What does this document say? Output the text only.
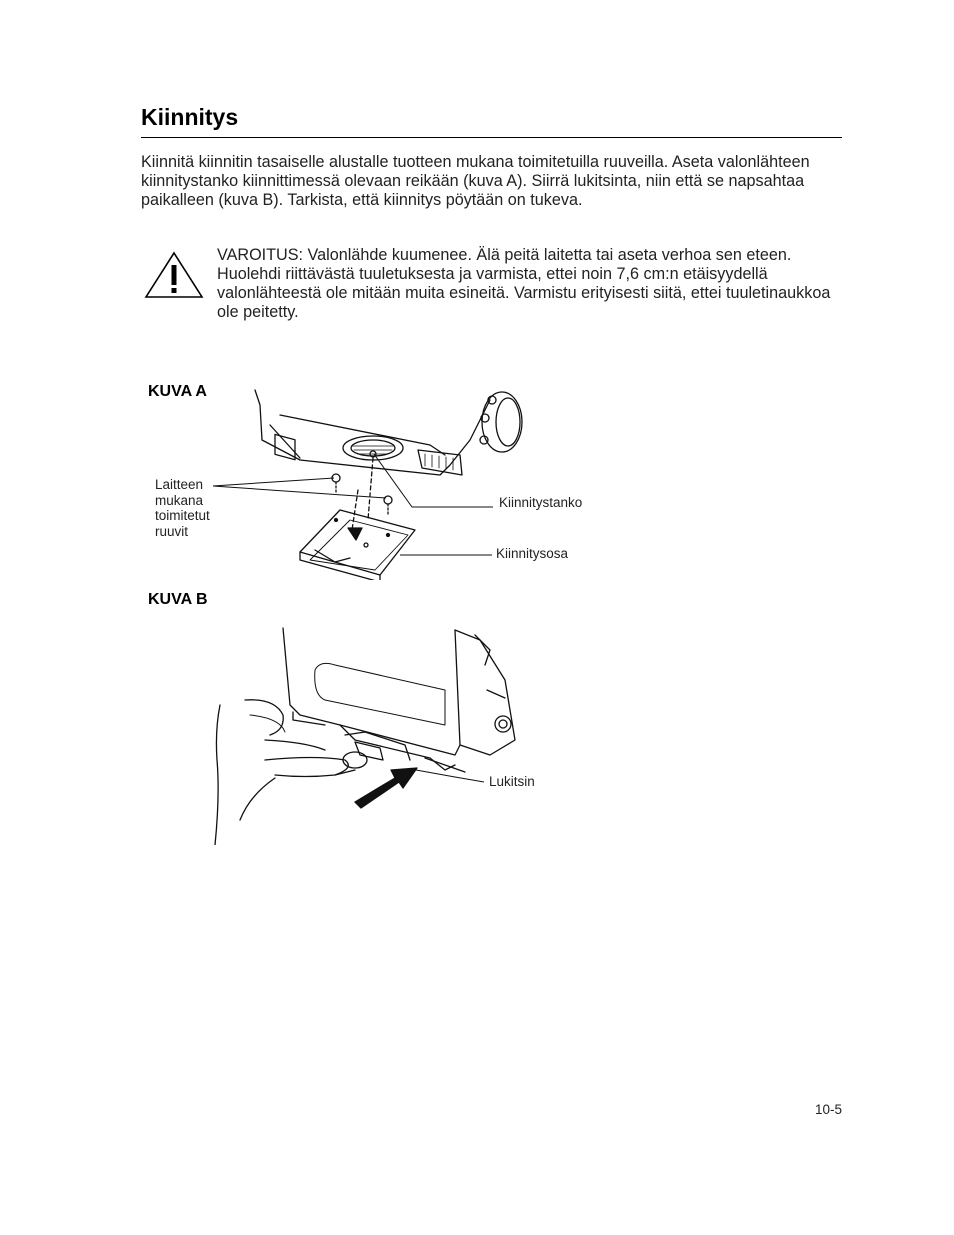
Kiinnitys

Kiinnitä kiinnitin tasaiselle alustalle tuotteen mukana toimitetuilla ruuveilla. Aseta valonlähteen kiinnitystanko kiinnittimessä olevaan reikään (kuva A). Siirrä lukitsinta, niin että se napsahtaa paikalleen (kuva B). Tarkista, että kiinnitys pöytään on tukeva.

VAROITUS: Valonlähde kuumenee. Älä peitä laitetta tai aseta verhoa sen eteen. Huolehdi riittävästä tuuletuksesta ja varmista, ettei noin 7,6 cm:n etäisyydellä valonlähteestä ole mitään muita esineitä. Varmistu erityisesti siitä, ettei tuuletinaukkoa ole peitetty.

KUVA A

Laitteen mukana toimitetut ruuvit

Kiinnitystanko

Kiinnitysosa

KUVA B

Lukitsin

10-5
